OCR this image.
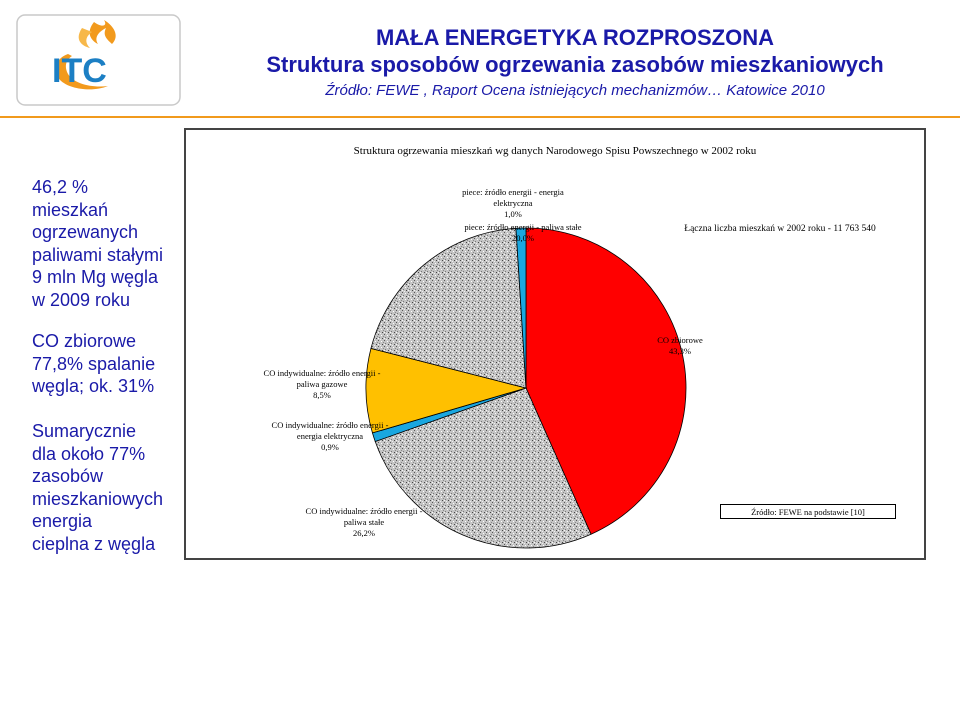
ITC
MAŁA ENERGETYKA ROZPROSZONA
Struktura sposobów ogrzewania zasobów mieszkaniowych
Źródło: FEWE , Raport Ocena istniejących mechanizmów… Katowice 2010
46,2 %
mieszkań
ogrzewanych
paliwami stałymi
9 mln Mg węgla
w 2009 roku
CO zbiorowe
77,8% spalanie
węgla; ok. 31%
Sumarycznie
dla około 77%
zasobów
mieszkaniowych
energia
cieplna z węgla
Struktura ogrzewania mieszkań wg danych Narodowego Spisu Powszechnego w 2002 roku
piece: źródło energii - paliwa stałe
20,0%
piece: źródło energii - energia
elektryczna
1,0%
Łączna liczba mieszkań w 2002 roku - 11 763 540
CO zbiorowe
43,3%
CO indywidualne: źródło energii -
paliwa gazowe
8,5%
CO indywidualne: źródło energii -
energia elektryczna
0,9%
CO indywidualne: źródło energii -
paliwa stałe
26,2%
Źródło: FEWE na podstawie [10]
